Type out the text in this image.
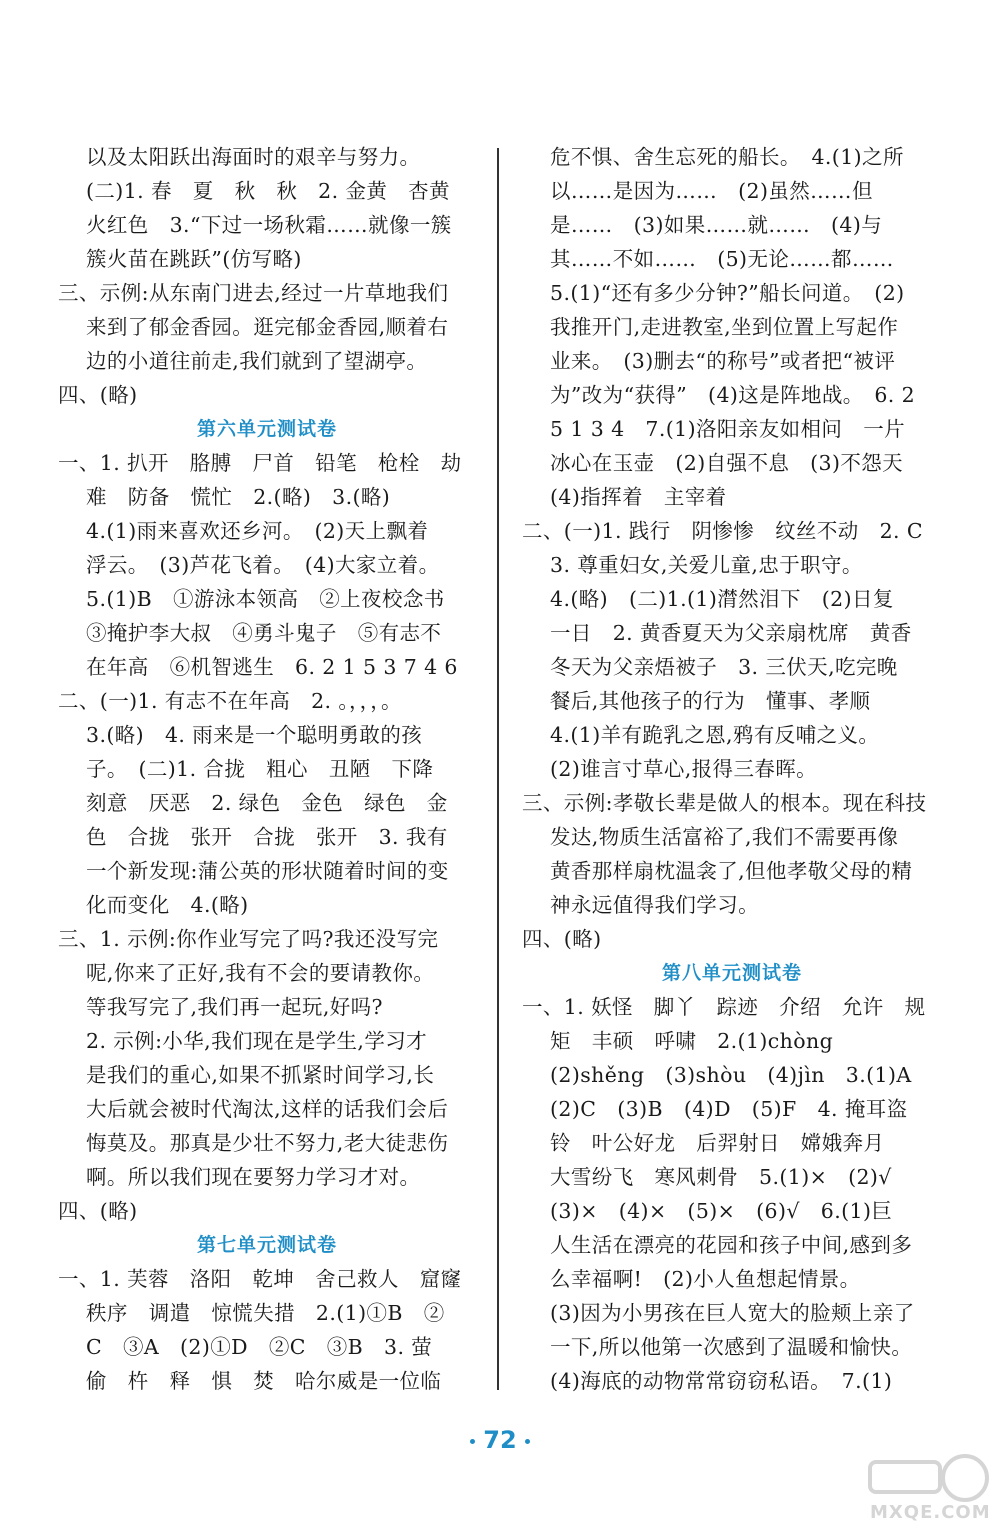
以及太阳跃出海面时的艰辛与努力。
(二)1. 春　夏　秋　秋　2. 金黄　杏黄
火红色　3.“下过一场秋霜……就像一簇
簇火苗在跳跃”(仿写略)
三、示例:从东南门进去,经过一片草地我们
来到了郁金香园。逛完郁金香园,顺着右
边的小道往前走,我们就到了望湖亭。
四、(略)
第六单元测试卷
一、1. 扒开　胳膊　尸首　铅笔　枪栓　劫
难　防备　慌忙　2.(略)　3.(略)
4.(1)雨来喜欢还乡河。　(2)天上飘着
浮云。　(3)芦花飞着。　(4)大家立着。
5.(1)B　①游泳本领高　②上夜校念书
③掩护李大叔　④勇斗鬼子　⑤有志不
在年高　⑥机智逃生　6. 2 1 5 3 7 4 6
二、(一)1. 有志不在年高　2. 。，，，。
3.(略)　4. 雨来是一个聪明勇敢的孩
子。　(二)1. 合拢　粗心　丑陋　下降
刻意　厌恶　2. 绿色　金色　绿色　金
色　合拢　张开　合拢　张开　3. 我有
一个新发现:蒲公英的形状随着时间的变
化而变化　4.(略)
三、1. 示例:你作业写完了吗?我还没写完
呢,你来了正好,我有不会的要请教你。
等我写完了,我们再一起玩,好吗?
2. 示例:小华,我们现在是学生,学习才
是我们的重心,如果不抓紧时间学习,长
大后就会被时代淘汰,这样的话我们会后
悔莫及。那真是少壮不努力,老大徒悲伤
啊。所以我们现在要努力学习才对。
四、(略)
第七单元测试卷
一、1. 芙蓉　洛阳　乾坤　舍己救人　窟窿
秩序　调遣　惊慌失措　2.(1)①B　②
C　③A　(2)①D　②C　③B　3. 萤
偷　杵　释　惧　焚　哈尔威是一位临
危不惧、舍生忘死的船长。　4.(1)之所
以……是因为……　(2)虽然……但
是……　(3)如果……就……　(4)与
其……不如……　(5)无论……都……
5.(1)“还有多少分钟?”船长问道。　(2)
我推开门,走进教室,坐到位置上写起作
业来。　(3)删去“的称号”或者把“被评
为”改为“获得”　(4)这是阵地战。　6. 2
5 1 3 4　7.(1)洛阳亲友如相问　一片
冰心在玉壶　(2)自强不息　(3)不怨天
(4)指挥着　主宰着
二、(一)1. 践行　阴惨惨　纹丝不动　2. C
3. 尊重妇女,关爱儿童,忠于职守。
4.(略)　(二)1.(1)潸然泪下　(2)日复
一日　2. 黄香夏天为父亲扇枕席　黄香
冬天为父亲焐被子　3. 三伏天,吃完晚
餐后,其他孩子的行为　懂事、孝顺
4.(1)羊有跪乳之恩,鸦有反哺之义。
(2)谁言寸草心,报得三春晖。
三、示例:孝敬长辈是做人的根本。现在科技
发达,物质生活富裕了,我们不需要再像
黄香那样扇枕温衾了,但他孝敬父母的精
神永远值得我们学习。
四、(略)
第八单元测试卷
一、1. 妖怪　脚丫　踪迹　介绍　允许　规
矩　丰硕　呼啸　2.(1)chòng
(2)shěng　(3)shòu　(4)jìn　3.(1)A
(2)C　(3)B　(4)D　(5)F　4. 掩耳盗
铃　叶公好龙　后羿射日　嫦娥奔月
大雪纷飞　寒风刺骨　5.(1)×　(2)√
(3)×　(4)×　(5)×　(6)√　6.(1)巨
人生活在漂亮的花园和孩子中间,感到多
么幸福啊!　(2)小人鱼想起情景。
(3)因为小男孩在巨人宽大的脸颊上亲了
一下,所以他第一次感到了温暖和愉快。
(4)海底的动物常常窃窃私语。　7.(1)
72
MXQE.COM
